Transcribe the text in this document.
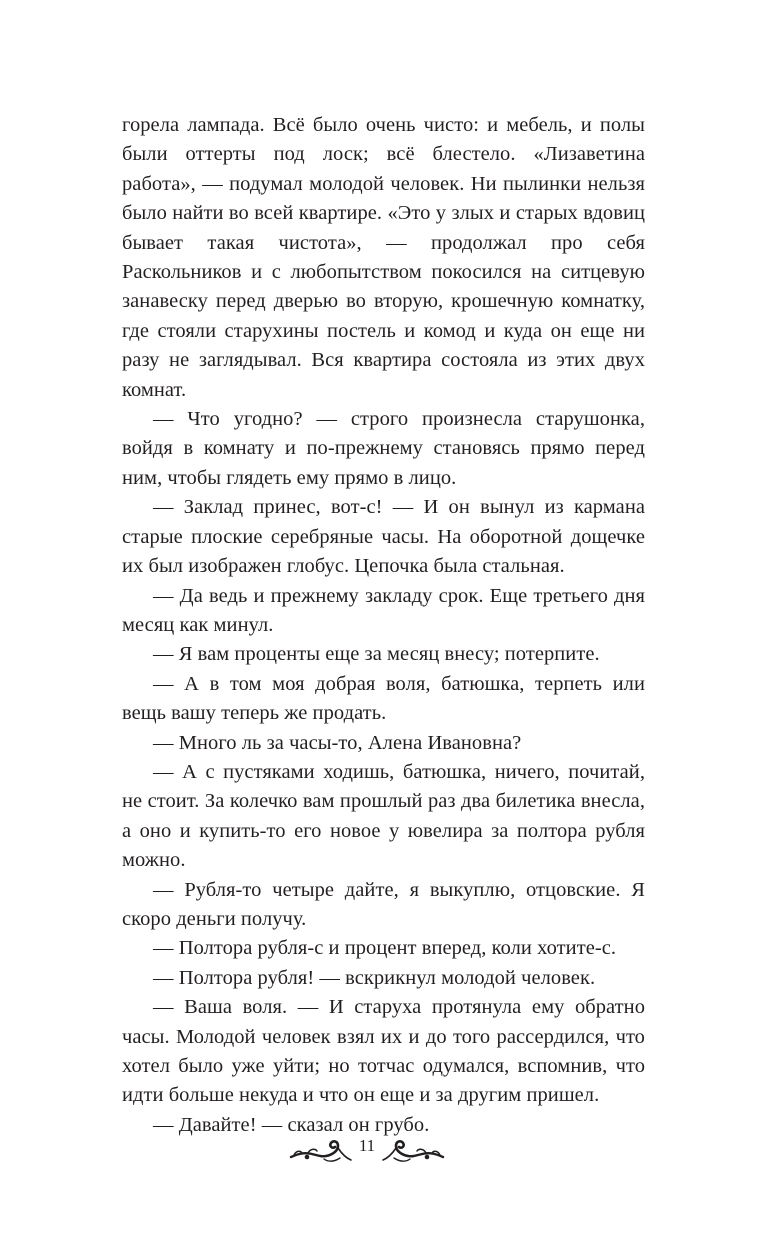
горела лампада. Всё было очень чисто: и мебель, и полы были оттерты под лоск; всё блестело. «Лизаветина работа», — подумал молодой человек. Ни пылинки нельзя было найти во всей квартире. «Это у злых и старых вдовиц бывает такая чистота», — продолжал про себя Раскольников и с любопытством покосился на ситцевую занавеску перед дверью во вторую, крошечную комнатку, где стояли старухины постель и комод и куда он еще ни разу не заглядывал. Вся квартира состояла из этих двух комнат.

— Что угодно? — строго произнесла старушонка, войдя в комнату и по-прежнему становясь прямо перед ним, чтобы глядеть ему прямо в лицо.

— Заклад принес, вот-с! — И он вынул из кармана старые плоские серебряные часы. На оборотной дощечке их был изображен глобус. Цепочка была стальная.

— Да ведь и прежнему закладу срок. Еще третьего дня месяц как минул.

— Я вам проценты еще за месяц внесу; потерпите.

— А в том моя добрая воля, батюшка, терпеть или вещь вашу теперь же продать.

— Много ль за часы-то, Алена Ивановна?

— А с пустяками ходишь, батюшка, ничего, почитай, не стоит. За колечко вам прошлый раз два билетика внесла, а оно и купить-то его новое у ювелира за полтора рубля можно.

— Рубля-то четыре дайте, я выкуплю, отцовские. Я скоро деньги получу.

— Полтора рубля-с и процент вперед, коли хотите-с.

— Полтора рубля! — вскрикнул молодой человек.

— Ваша воля. — И старуха протянула ему обратно часы. Молодой человек взял их и до того рассердился, что хотел было уже уйти; но тотчас одумался, вспомнив, что идти больше некуда и что он еще и за другим пришел.

— Давайте! — сказал он грубо.

11
